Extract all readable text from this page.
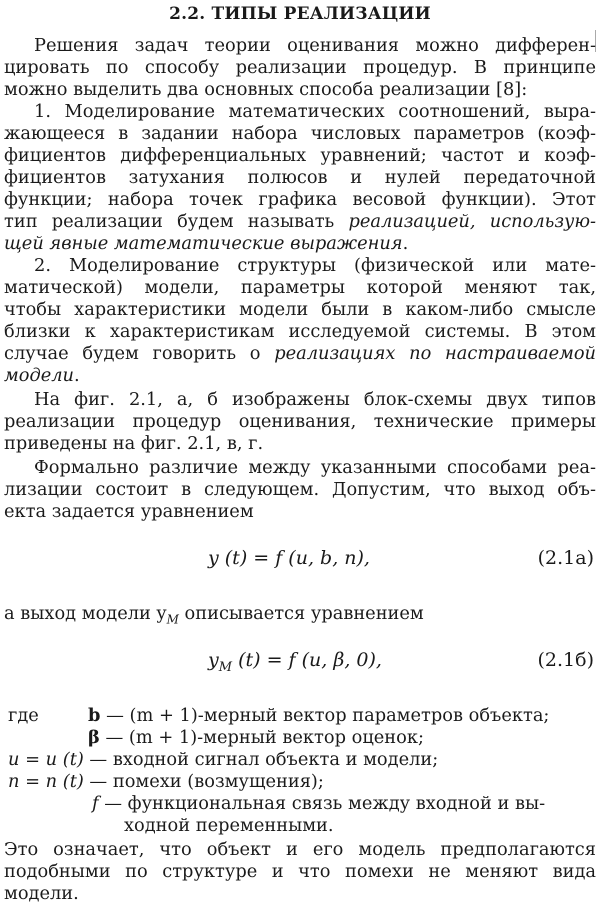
2.2. ТИПЫ РЕАЛИЗАЦИИ
Решения задач теории оценивания можно дифферен-
цировать по способу реализации процедур. В принципе
можно выделить два основных способа реализации [8]:
1. Моделирование математических соотношений, выра-
жающееся в задании набора числовых параметров (коэф-
фициентов дифференциальных уравнений; частот и коэф-
фициентов затухания полюсов и нулей передаточной
функции; набора точек графика весовой функции). Этот
тип реализации будем называть реализацией, использую-
щей явные математические выражения.
2. Моделирование структуры (физической или мате-
матической) модели, параметры которой меняют так,
чтобы характеристики модели были в каком-либо смысле
близки к характеристикам исследуемой системы. В этом
случае будем говорить о реализациях по настраиваемой
модели.
На фиг. 2.1, а, б изображены блок-схемы двух типов
реализации процедур оценивания, технические примеры
приведены на фиг. 2.1, в, г.
Формально различие между указанными способами реа-
лизации состоит в следующем. Допустим, что выход объ-
екта задается уравнением
y (t) = f (u, b, n),	(2.1а)
а выход модели $y_M$ описывается уравнением
$y_M$ (t) = f (u, β, 0),	(2.1б)
где	b — (m + 1)-мерный вектор параметров объекта;
β — (m + 1)-мерный вектор оценок;
u = u (t) — входной сигнал объекта и модели;
n = n (t) — помехи (возмущения);
f — функциональная связь между входной и вы-
ходной переменными.
Это означает, что объект и его модель предполагаются
подобными по структуре и что помехи не меняют вида
модели.
